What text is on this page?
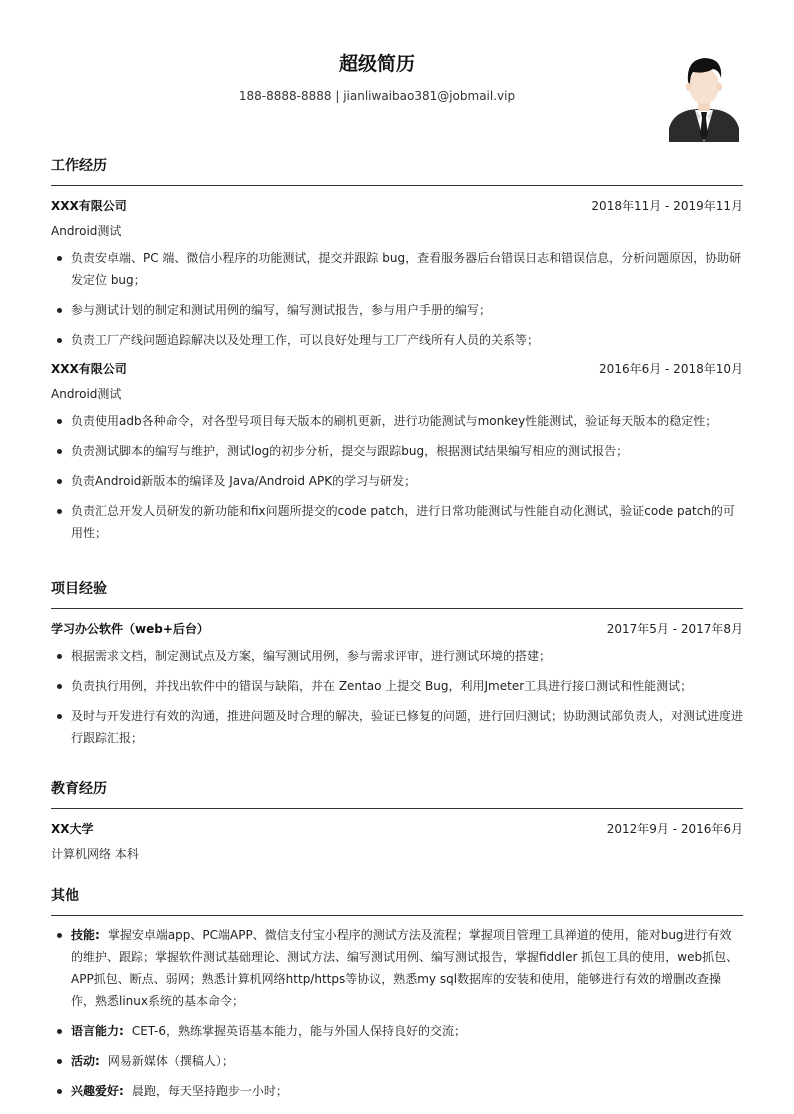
超级简历
188-8888-8888 | jianliwaibao381@jobmail.vip
工作经历
XXX有限公司	2018年11月 - 2019年11月
Android测试
负责安卓端、PC 端、微信小程序的功能测试，提交并跟踪 bug，查看服务器后台错误日志和错误信息，分析问题原因，协助研发定位 bug；
参与测试计划的制定和测试用例的编写，编写测试报告，参与用户手册的编写；
负责工厂产线问题追踪解决以及处理工作，可以良好处理与工厂产线所有人员的关系等；
XXX有限公司	2016年6月 - 2018年10月
Android测试
负责使用adb各种命令，对各型号项目每天版本的刷机更新，进行功能测试与monkey性能测试，验证每天版本的稳定性；
负责测试脚本的编写与维护，测试log的初步分析，提交与跟踪bug，根据测试结果编写相应的测试报告；
负责Android新版本的编译及 Java/Android APK的学习与研发；
负责汇总开发人员研发的新功能和fix问题所提交的code patch，进行日常功能测试与性能自动化测试，验证code patch的可用性；
项目经验
学习办公软件（web+后台）	2017年5月 - 2017年8月
根据需求文档，制定测试点及方案，编写测试用例，参与需求评审，进行测试环境的搭建；
负责执行用例，并找出软件中的错误与缺陷，并在 Zentao 上提交 Bug，利用Jmeter工具进行接口测试和性能测试；
及时与开发进行有效的沟通，推进问题及时合理的解决，验证已修复的问题，进行回归测试；协助测试部负责人，对测试进度进行跟踪汇报；
教育经历
XX大学	2012年9月 - 2016年6月
计算机网络 本科
其他
技能: 掌握安卓端app、PC端APP、微信支付宝小程序的测试方法及流程；掌握项目管理工具禅道的使用，能对bug进行有效的维护、跟踪；掌握软件测试基础理论、测试方法、编写测试用例、编写测试报告，掌握fiddler 抓包工具的使用，web抓包、APP抓包、断点、弱网；熟悉计算机网络http/https等协议，熟悉my sql数据库的安装和使用，能够进行有效的增删改查操作，熟悉linux系统的基本命令；
语言能力: CET-6，熟练掌握英语基本能力，能与外国人保持良好的交流；
活动: 网易新媒体（撰稿人）；
兴趣爱好: 晨跑，每天坚持跑步一小时；
